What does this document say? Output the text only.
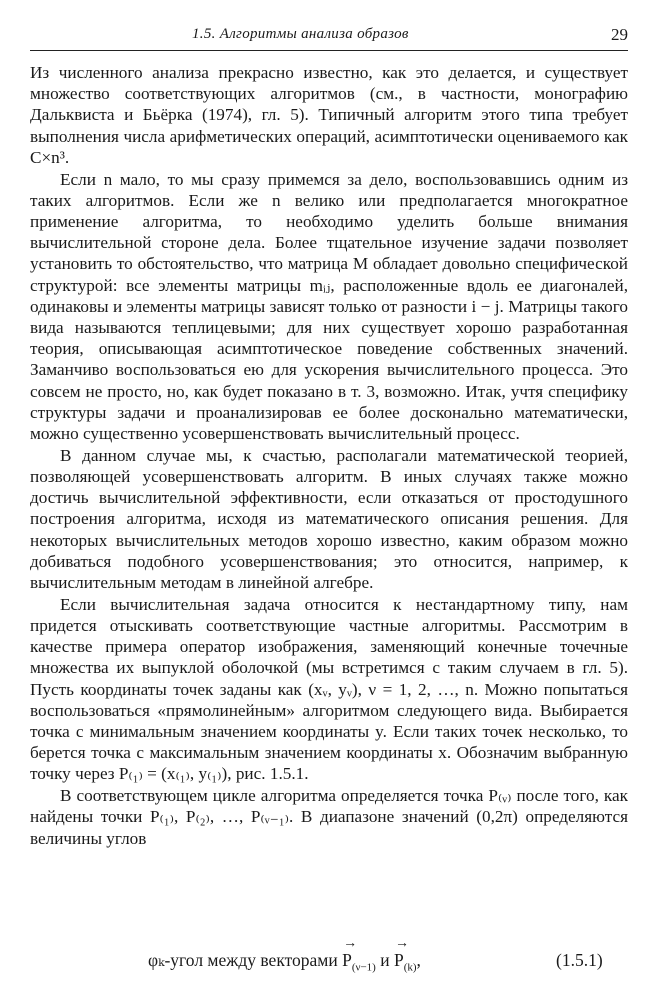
1.5. Алгоритмы анализа образов	29

Из численного анализа прекрасно известно, как это делается, и существует множество соответствующих алгоритмов (см., в частности, монографию Дальквиста и Бьёрка (1974), гл. 5). Типичный алгоритм этого типа требует выполнения числа арифметических операций, асимптотически оцениваемого как C×n³.

Если n мало, то мы сразу примемся за дело, воспользовавшись одним из таких алгоритмов. Если же n велико или предполагается многократное применение алгоритма, то необходимо уделить больше внимания вычислительной стороне дела. Более тщательное изучение задачи позволяет установить то обстоятельство, что матрица M обладает довольно специфической структурой: все элементы матрицы mᵢⱼ, расположенные вдоль ее диагоналей, одинаковы и элементы матрицы зависят только от разности i − j. Матрицы такого вида называются теплицевыми; для них существует хорошо разработанная теория, описывающая асимптотическое поведение собственных значений. Заманчиво воспользоваться ею для ускорения вычислительного процесса. Это совсем не просто, но, как будет показано в т. 3, возможно. Итак, учтя специфику структуры задачи и проанализировав ее более досконально математически, можно существенно усовершенствовать вычислительный процесс.

В данном случае мы, к счастью, располагали математической теорией, позволяющей усовершенствовать алгоритм. В иных случаях также можно достичь вычислительной эффективности, если отказаться от простодушного построения алгоритма, исходя из математического описания решения. Для некоторых вычислительных методов хорошо известно, каким образом можно добиваться подобного усовершенствования; это относится, например, к вычислительным методам в линейной алгебре.

Если вычислительная задача относится к нестандартному типу, нам придется отыскивать соответствующие частные алгоритмы. Рассмотрим в качестве примера оператор изображения, заменяющий конечные точечные множества их выпуклой оболочкой (мы встретимся с таким случаем в гл. 5). Пусть координаты точек заданы как (xᵥ, yᵥ), ν = 1, 2, …, n. Можно попытаться воспользоваться «прямолинейным» алгоритмом следующего вида. Выбирается точка с минимальным значением координаты y. Если таких точек несколько, то берется точка с максимальным значением координаты x. Обозначим выбранную точку через P₍₁₎ = (x₍₁₎, y₍₁₎), рис. 1.5.1.

В соответствующем цикле алгоритма определяется точка P₍ᵥ₎ после того, как найдены точки P₍₁₎, P₍₂₎, …, P₍ᵥ₋₁₎. В диапазоне значений (0,2π) определяются величины углов

φₖ-угол между векторами → $P_{(\nu-1)}$ $и \to P_{(k)}$,	(1.5.1)
